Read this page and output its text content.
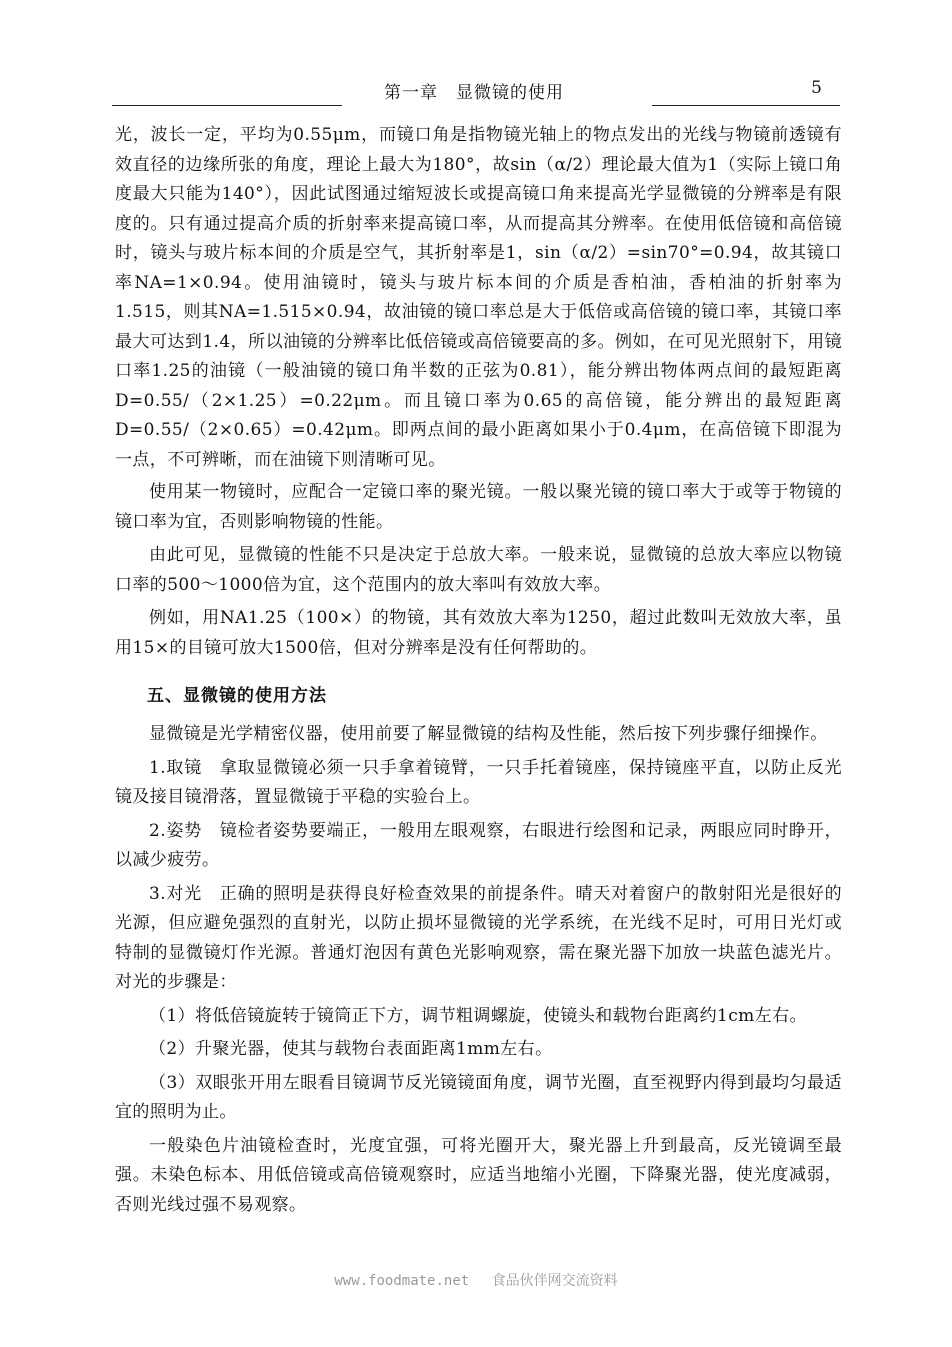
第一章　显微镜的使用	5

光，波长一定，平均为0.55μm，而镜口角是指物镜光轴上的物点发出的光线与物镜前透镜有效直径的边缘所张的角度，理论上最大为180°，故sin（α/2）理论最大值为1（实际上镜口角度最大只能为140°），因此试图通过缩短波长或提高镜口角来提高光学显微镜的分辨率是有限度的。只有通过提高介质的折射率来提高镜口率，从而提高其分辨率。在使用低倍镜和高倍镜时，镜头与玻片标本间的介质是空气，其折射率是1，sin（α/2）=sin70°=0.94，故其镜口率NA=1×0.94。使用油镜时，镜头与玻片标本间的介质是香柏油，香柏油的折射率为1.515，则其NA=1.515×0.94，故油镜的镜口率总是大于低倍或高倍镜的镜口率，其镜口率最大可达到1.4，所以油镜的分辨率比低倍镜或高倍镜要高的多。例如，在可见光照射下，用镜口率1.25的油镜（一般油镜的镜口角半数的正弦为0.81），能分辨出物体两点间的最短距离D=0.55/（2×1.25）=0.22μm。而且镜口率为0.65的高倍镜，能分辨出的最短距离D=0.55/（2×0.65）=0.42μm。即两点间的最小距离如果小于0.4μm，在高倍镜下即混为一点，不可辨晰，而在油镜下则清晰可见。

使用某一物镜时，应配合一定镜口率的聚光镜。一般以聚光镜的镜口率大于或等于物镜的镜口率为宜，否则影响物镜的性能。

由此可见，显微镜的性能不只是决定于总放大率。一般来说，显微镜的总放大率应以物镜口率的500～1000倍为宜，这个范围内的放大率叫有效放大率。

例如，用NA1.25（100×）的物镜，其有效放大率为1250，超过此数叫无效放大率，虽用15×的目镜可放大1500倍，但对分辨率是没有任何帮助的。

五、显微镜的使用方法

显微镜是光学精密仪器，使用前要了解显微镜的结构及性能，然后按下列步骤仔细操作。

1.取镜　拿取显微镜必须一只手拿着镜臂，一只手托着镜座，保持镜座平直，以防止反光镜及接目镜滑落，置显微镜于平稳的实验台上。

2.姿势　镜检者姿势要端正，一般用左眼观察，右眼进行绘图和记录，两眼应同时睁开，以减少疲劳。

3.对光　正确的照明是获得良好检查效果的前提条件。晴天对着窗户的散射阳光是很好的光源，但应避免强烈的直射光，以防止损坏显微镜的光学系统，在光线不足时，可用日光灯或特制的显微镜灯作光源。普通灯泡因有黄色光影响观察，需在聚光器下加放一块蓝色滤光片。对光的步骤是：

（1）将低倍镜旋转于镜筒正下方，调节粗调螺旋，使镜头和载物台距离约1cm左右。

（2）升聚光器，使其与载物台表面距离1mm左右。

（3）双眼张开用左眼看目镜调节反光镜镜面角度，调节光圈，直至视野内得到最均匀最适宜的照明为止。

一般染色片油镜检查时，光度宜强，可将光圈开大，聚光器上升到最高，反光镜调至最强。未染色标本、用低倍镜或高倍镜观察时，应适当地缩小光圈，下降聚光器，使光度减弱，否则光线过强不易观察。

www.foodmate.net　 食品伙伴网交流资料
